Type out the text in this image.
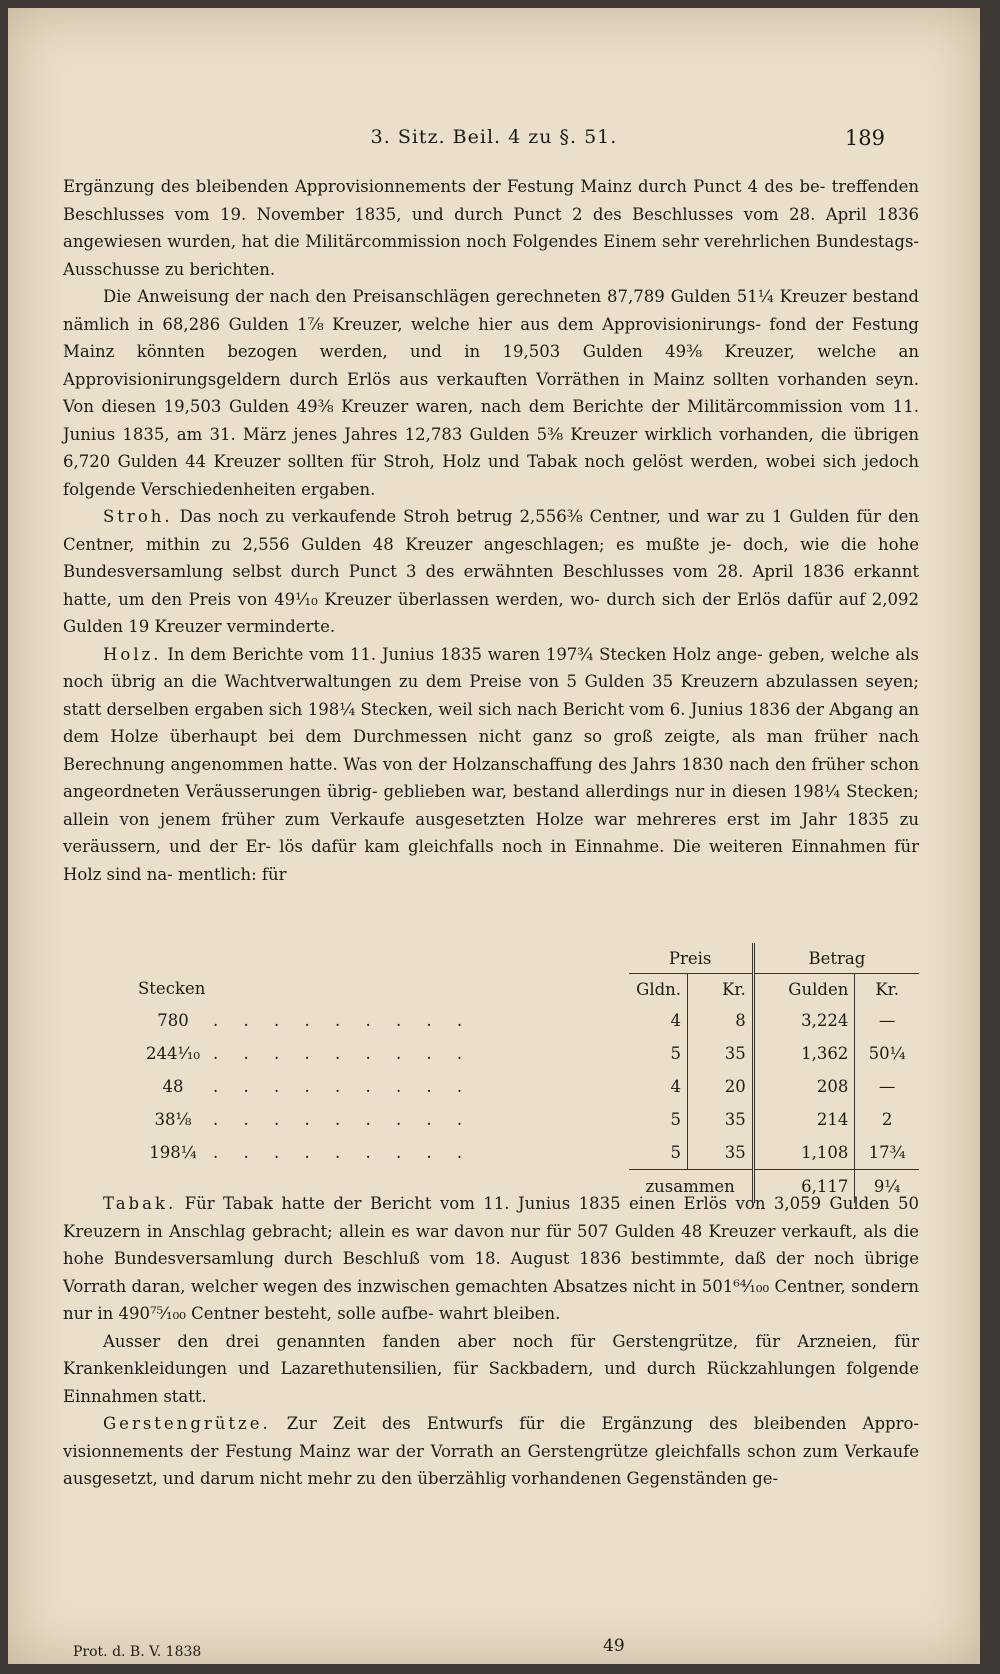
3. Sitz. Beil. 4 zu §. 51.	189

Ergänzung des bleibenden Approvisionnements der Festung Mainz durch Punct 4 des be- treffenden Beschlusses vom 19. November 1835, und durch Punct 2 des Beschlusses vom 28. April 1836 angewiesen wurden, hat die Militärcommission noch Folgendes Einem sehr verehrlichen Bundestags-Ausschusse zu berichten.

Die Anweisung der nach den Preisanschlägen gerechneten 87,789 Gulden 51¼ Kreuzer bestand nämlich in 68,286 Gulden 1⅞ Kreuzer, welche hier aus dem Approvisionirungs- fond der Festung Mainz könnten bezogen werden, und in 19,503 Gulden 49⅜ Kreuzer, welche an Approvisionirungsgeldern durch Erlös aus verkauften Vorräthen in Mainz sollten vorhanden seyn. Von diesen 19,503 Gulden 49⅜ Kreuzer waren, nach dem Berichte der Militärcommission vom 11. Junius 1835, am 31. März jenes Jahres 12,783 Gulden 5⅜ Kreuzer wirklich vorhanden, die übrigen 6,720 Gulden 44 Kreuzer sollten für Stroh, Holz und Tabak noch gelöst werden, wobei sich jedoch folgende Verschiedenheiten ergaben.

Stroh. Das noch zu verkaufende Stroh betrug 2,556⅜ Centner, und war zu 1 Gulden für den Centner, mithin zu 2,556 Gulden 48 Kreuzer angeschlagen; es mußte je- doch, wie die hohe Bundesversamlung selbst durch Punct 3 des erwähnten Beschlusses vom 28. April 1836 erkannt hatte, um den Preis von 49¹⁄₁₀ Kreuzer überlassen werden, wo- durch sich der Erlös dafür auf 2,092 Gulden 19 Kreuzer verminderte.

Holz. In dem Berichte vom 11. Junius 1835 waren 197¾ Stecken Holz ange- geben, welche als noch übrig an die Wachtverwaltungen zu dem Preise von 5 Gulden 35 Kreuzern abzulassen seyen; statt derselben ergaben sich 198¼ Stecken, weil sich nach Bericht vom 6. Junius 1836 der Abgang an dem Holze überhaupt bei dem Durchmessen nicht ganz so groß zeigte, als man früher nach Berechnung angenommen hatte. Was von der Holzanschaffung des Jahrs 1830 nach den früher schon angeordneten Veräusserungen übrig- geblieben war, bestand allerdings nur in diesen 198¼ Stecken; allein von jenem früher zum Verkaufe ausgesetzten Holze war mehreres erst im Jahr 1835 zu veräussern, und der Er- lös dafür kam gleichfalls noch in Einnahme. Die weiteren Einnahmen für Holz sind na- mentlich: für

	Preis		Betrag	
Stecken	Gldn.	Kr.	Gulden	Kr.
780 . . . . . . . . .	4	8	3,224	—
244¹⁄₁₀ . . . . . . . . .	5	35	1,362	50¼
48 . . . . . . . . .	4	20	208	—
38⅛ . . . . . . . . .	5	35	214	2
198¼ . . . . . . . . .	5	35	1,108	17¾
	zusammen		6,117	9¼

Tabak. Für Tabak hatte der Bericht vom 11. Junius 1835 einen Erlös von 3,059 Gulden 50 Kreuzern in Anschlag gebracht; allein es war davon nur für 507 Gulden 48 Kreuzer verkauft, als die hohe Bundesversamlung durch Beschluß vom 18. August 1836 bestimmte, daß der noch übrige Vorrath daran, welcher wegen des inzwischen gemachten Absatzes nicht in 501⁶⁴⁄₁₀₀ Centner, sondern nur in 490⁷⁵⁄₁₀₀ Centner besteht, solle aufbe- wahrt bleiben.

Ausser den drei genannten fanden aber noch für Gerstengrütze, für Arzneien, für Krankenkleidungen und Lazarethutensilien, für Sackbadern, und durch Rückzahlungen folgende Einnahmen statt.

Gerstengrütze. Zur Zeit des Entwurfs für die Ergänzung des bleibenden Appro- visionnements der Festung Mainz war der Vorrath an Gerstengrütze gleichfalls schon zum Verkaufe ausgesetzt, und darum nicht mehr zu den überzählig vorhandenen Gegenständen ge-

Prot. d. B. V. 1838	49
